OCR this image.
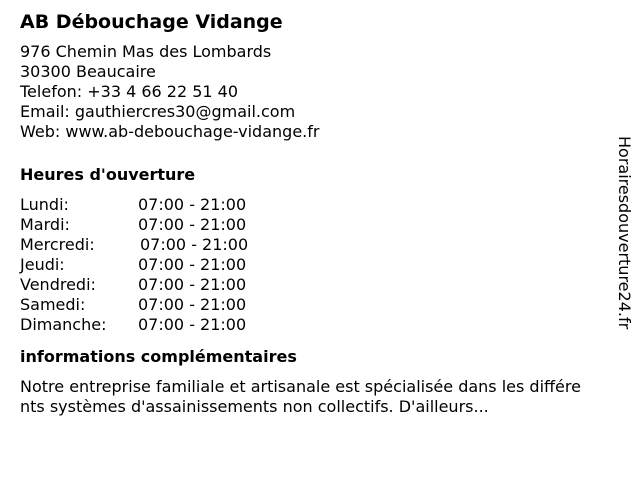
AB Débouchage Vidange
976 Chemin Mas des Lombards
30300 Beaucaire
Telefon: +33 4 66 22 51 40
Email: gauthiercres30@gmail.com
Web: www.ab-debouchage-vidange.fr
Heures d'ouverture
Lundi:	07:00 - 21:00
Mardi:	07:00 - 21:00
Mercredi:	07:00 - 21:00
Jeudi:	07:00 - 21:00
Vendredi:	07:00 - 21:00
Samedi:	07:00 - 21:00
Dimanche: 07:00 - 21:00
informations complémentaires
Notre entreprise familiale et artisanale est spécialisée dans les différents systèmes d'assainissements non collectifs. D'ailleurs...
Horairesdouverture24.fr
